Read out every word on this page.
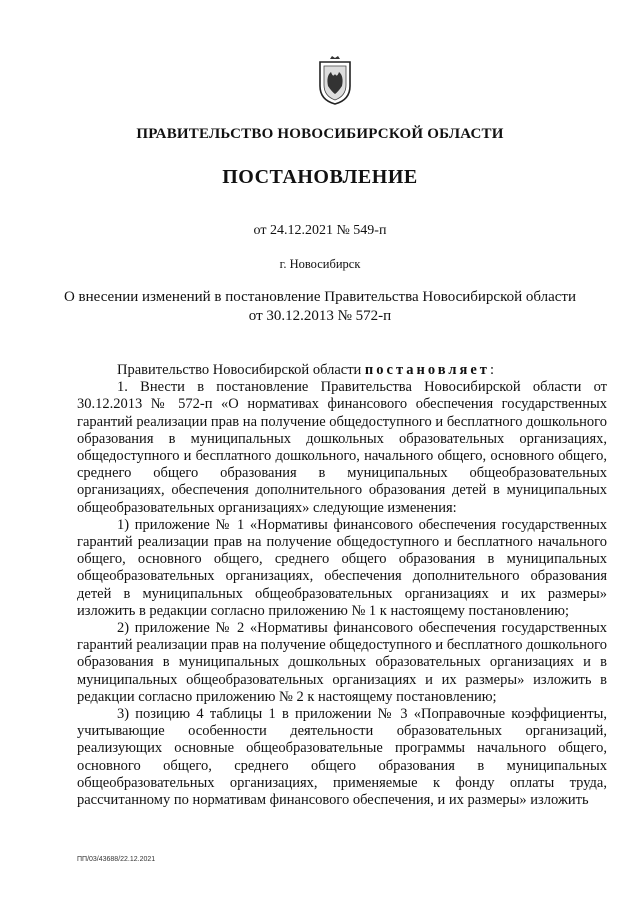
ПРАВИТЕЛЬСТВО НОВОСИБИРСКОЙ ОБЛАСТИ
ПОСТАНОВЛЕНИЕ
от 24.12.2021 № 549-п
г. Новосибирск
О внесении изменений в постановление Правительства Новосибирской области
от 30.12.2013 № 572-п

Правительство Новосибирской области постановляет:

1. Внести в постановление Правительства Новосибирской области от 30.12.2013 № 572-п «О нормативах финансового обеспечения государственных гарантий реализации прав на получение общедоступного и бесплатного дошкольного образования в муниципальных дошкольных образовательных организациях, общедоступного и бесплатного дошкольного, начального общего, основного общего, среднего общего образования в муниципальных общеобразовательных организациях, обеспечения дополнительного образования детей в муниципальных общеобразовательных организациях» следующие изменения:

1) приложение № 1 «Нормативы финансового обеспечения государственных гарантий реализации прав на получение общедоступного и бесплатного начального общего, основного общего, среднего общего образования в муниципальных общеобразовательных организациях, обеспечения дополнительного образования детей в муниципальных общеобразовательных организациях и их размеры» изложить в редакции согласно приложению № 1 к настоящему постановлению;

2) приложение № 2 «Нормативы финансового обеспечения государственных гарантий реализации прав на получение общедоступного и бесплатного дошкольного образования в муниципальных дошкольных образовательных организациях и в муниципальных общеобразовательных организациях и их размеры» изложить в редакции согласно приложению № 2 к настоящему постановлению;

3) позицию 4 таблицы 1 в приложении № 3 «Поправочные коэффициенты, учитывающие особенности деятельности образовательных организаций, реализующих основные общеобразовательные программы начального общего, основного общего, среднего общего образования в муниципальных общеобразовательных организациях, применяемые к фонду оплаты труда, рассчитанному по нормативам финансового обеспечения, и их размеры» изложить

ПП/03/43688/22.12.2021
